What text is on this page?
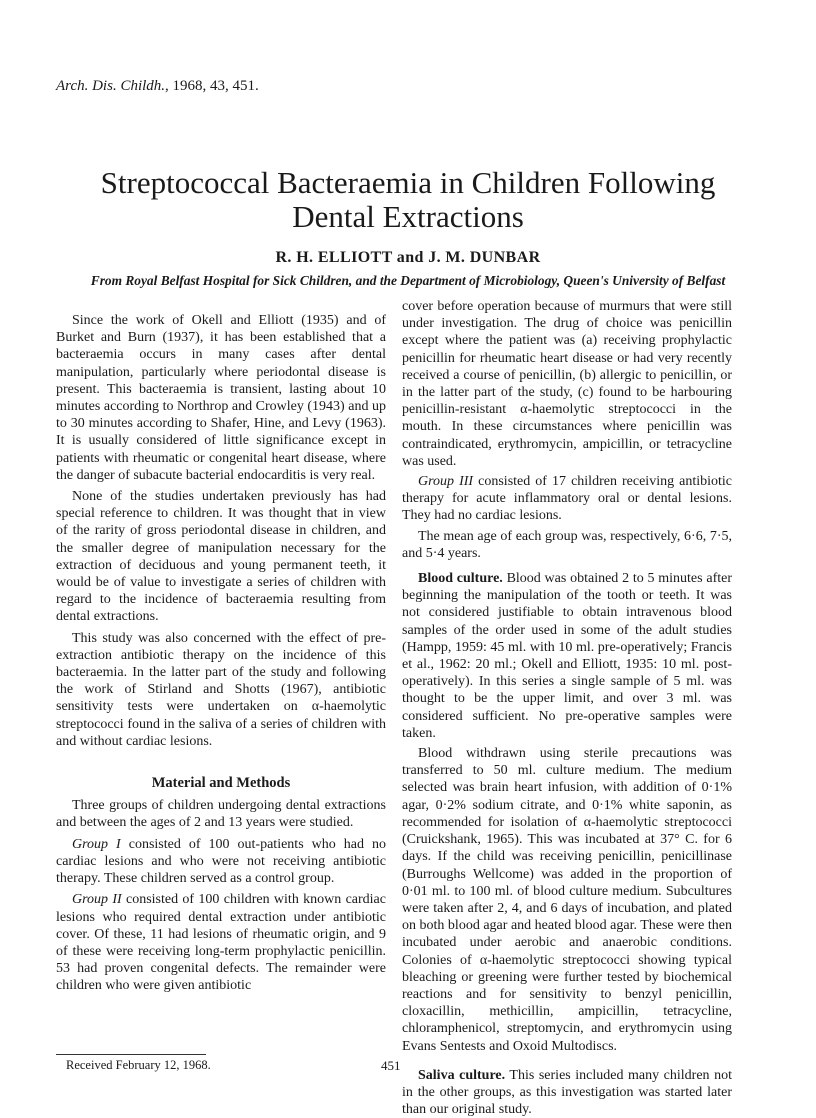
Arch. Dis. Childh., 1968, 43, 451.
Streptococcal Bacteraemia in Children Following
Dental Extractions
R. H. ELLIOTT and J. M. DUNBAR
From Royal Belfast Hospital for Sick Children, and the Department of Microbiology, Queen's University of Belfast

Since the work of Okell and Elliott (1935) and of Burket and Burn (1937), it has been established that a bacteraemia occurs in many cases after dental manipulation, particularly where periodontal disease is present. This bacteraemia is transient, lasting about 10 minutes according to Northrop and Crowley (1943) and up to 30 minutes according to Shafer, Hine, and Levy (1963). It is usually considered of little significance except in patients with rheumatic or congenital heart disease, where the danger of subacute bacterial endocarditis is very real.

None of the studies undertaken previously has had special reference to children. It was thought that in view of the rarity of gross periodontal disease in children, and the smaller degree of manipulation necessary for the extraction of deciduous and young permanent teeth, it would be of value to investigate a series of children with regard to the incidence of bacteraemia resulting from dental extractions.

This study was also concerned with the effect of pre-extraction antibiotic therapy on the incidence of this bacteraemia. In the latter part of the study and following the work of Stirland and Shotts (1967), antibiotic sensitivity tests were undertaken on α-haemolytic streptococci found in the saliva of a series of children with and without cardiac lesions.

Material and Methods

Three groups of children undergoing dental extractions and between the ages of 2 and 13 years were studied.

Group I consisted of 100 out-patients who had no cardiac lesions and who were not receiving antibiotic therapy. These children served as a control group.

Group II consisted of 100 children with known cardiac lesions who required dental extraction under antibiotic cover. Of these, 11 had lesions of rheumatic origin, and 9 of these were receiving long-term prophylactic penicillin. 53 had proven congenital defects. The remainder were children who were given antibiotic

cover before operation because of murmurs that were still under investigation. The drug of choice was penicillin except where the patient was (a) receiving prophylactic penicillin for rheumatic heart disease or had very recently received a course of penicillin, (b) allergic to penicillin, or in the latter part of the study, (c) found to be harbouring penicillin-resistant α-haemolytic streptococci in the mouth. In these circumstances where penicillin was contraindicated, erythromycin, ampicillin, or tetracycline was used.

Group III consisted of 17 children receiving antibiotic therapy for acute inflammatory oral or dental lesions. They had no cardiac lesions.

The mean age of each group was, respectively, 6·6, 7·5, and 5·4 years.

Blood culture. Blood was obtained 2 to 5 minutes after beginning the manipulation of the tooth or teeth. It was not considered justifiable to obtain intravenous blood samples of the order used in some of the adult studies (Hampp, 1959: 45 ml. with 10 ml. pre-operatively; Francis et al., 1962: 20 ml.; Okell and Elliott, 1935: 10 ml. post-operatively). In this series a single sample of 5 ml. was thought to be the upper limit, and over 3 ml. was considered sufficient. No pre-operative samples were taken.

Blood withdrawn using sterile precautions was transferred to 50 ml. culture medium. The medium selected was brain heart infusion, with addition of 0·1% agar, 0·2% sodium citrate, and 0·1% white saponin, as recommended for isolation of α-haemolytic streptococci (Cruickshank, 1965). This was incubated at 37° C. for 6 days. If the child was receiving penicillin, penicillinase (Burroughs Wellcome) was added in the proportion of 0·01 ml. to 100 ml. of blood culture medium. Subcultures were taken after 2, 4, and 6 days of incubation, and plated on both blood agar and heated blood agar. These were then incubated under aerobic and anaerobic conditions. Colonies of α-haemolytic streptococci showing typical bleaching or greening were further tested by biochemical reactions and for sensitivity to benzyl penicillin, cloxacillin, methicillin, ampicillin, tetracycline, chloramphenicol, streptomycin, and erythromycin using Evans Sentests and Oxoid Multodiscs.

Saliva culture. This series included many children not in the other groups, as this investigation was started later than our original study.

Received February 12, 1968.	451
